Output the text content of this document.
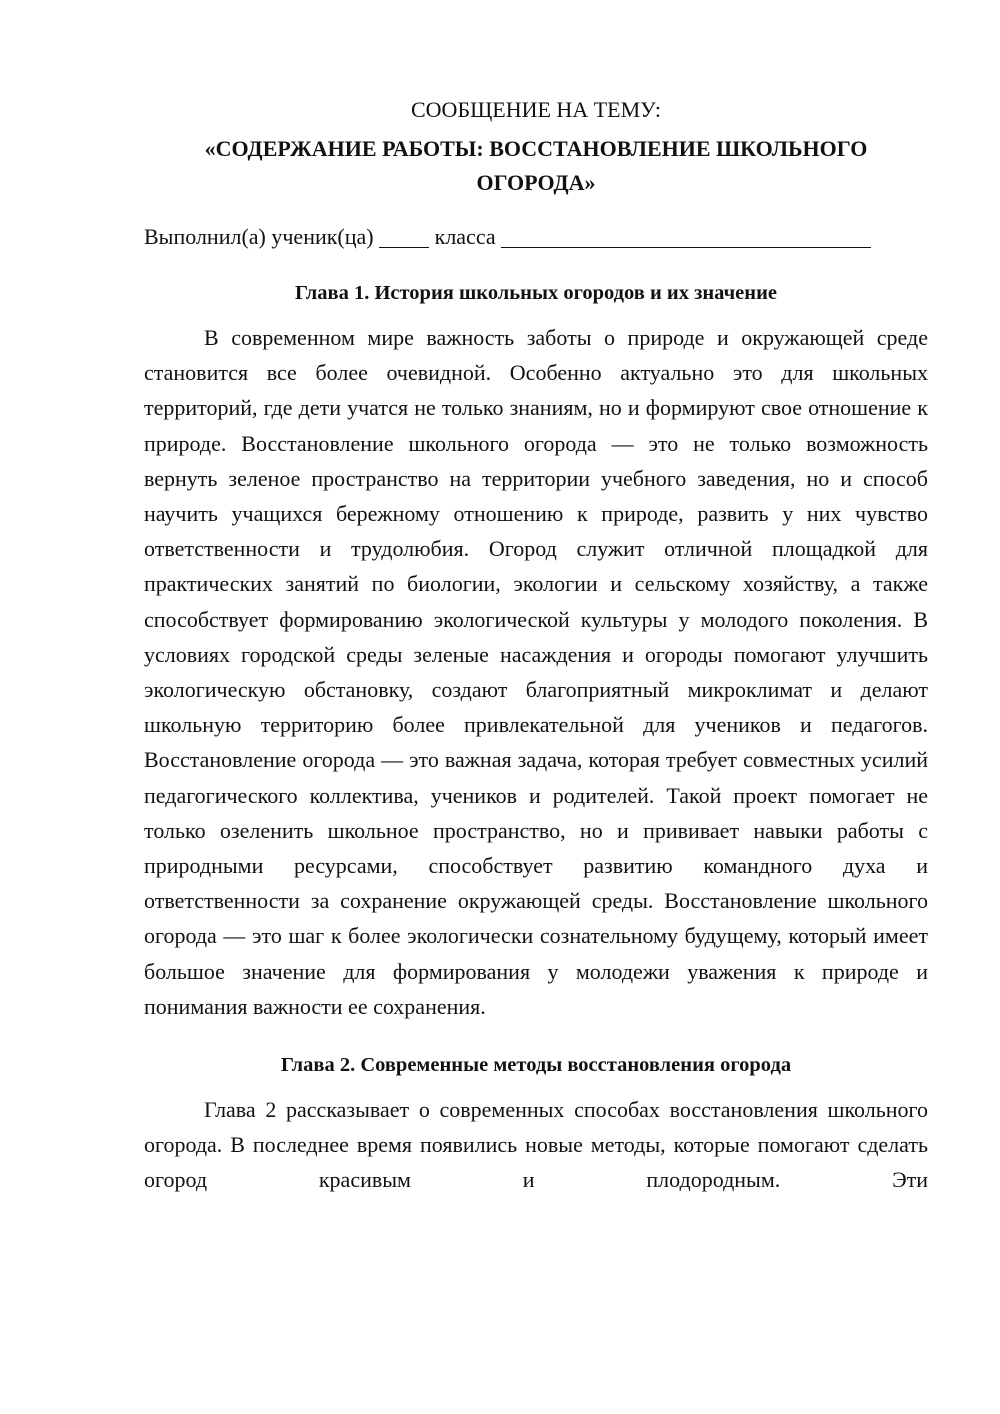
СООБЩЕНИЕ НА ТЕМУ:

«СОДЕРЖАНИЕ РАБОТЫ: ВОССТАНОВЛЕНИЕ ШКОЛЬНОГО ОГОРОДА»

Выполнил(а) ученик(ца)	класса

Глава 1. История школьных огородов и их значение

В современном мире важность заботы о природе и окружающей среде становится все более очевидной. Особенно актуально это для школьных территорий, где дети учатся не только знаниям, но и формируют свое отношение к природе. Восстановление школьного огорода — это не только возможность вернуть зеленое пространство на территории учебного заведения, но и способ научить учащихся бережному отношению к природе, развить у них чувство ответственности и трудолюбия. Огород служит отличной площадкой для практических занятий по биологии, экологии и сельскому хозяйству, а также способствует формированию экологической культуры у молодого поколения. В условиях городской среды зеленые насаждения и огороды помогают улучшить экологическую обстановку, создают благоприятный микроклимат и делают школьную территорию более привлекательной для учеников и педагогов. Восстановление огорода — это важная задача, которая требует совместных усилий педагогического коллектива, учеников и родителей. Такой проект помогает не только озеленить школьное пространство, но и прививает навыки работы с природными ресурсами, способствует развитию командного духа и ответственности за сохранение окружающей среды. Восстановление школьного огорода — это шаг к более экологически сознательному будущему, который имеет большое значение для формирования у молодежи уважения к природе и понимания важности ее сохранения.

Глава 2. Современные методы восстановления огорода

Глава 2 рассказывает о современных способах восстановления школьного огорода. В последнее время появились новые методы, которые помогают сделать огород красивым и плодородным. Эти
